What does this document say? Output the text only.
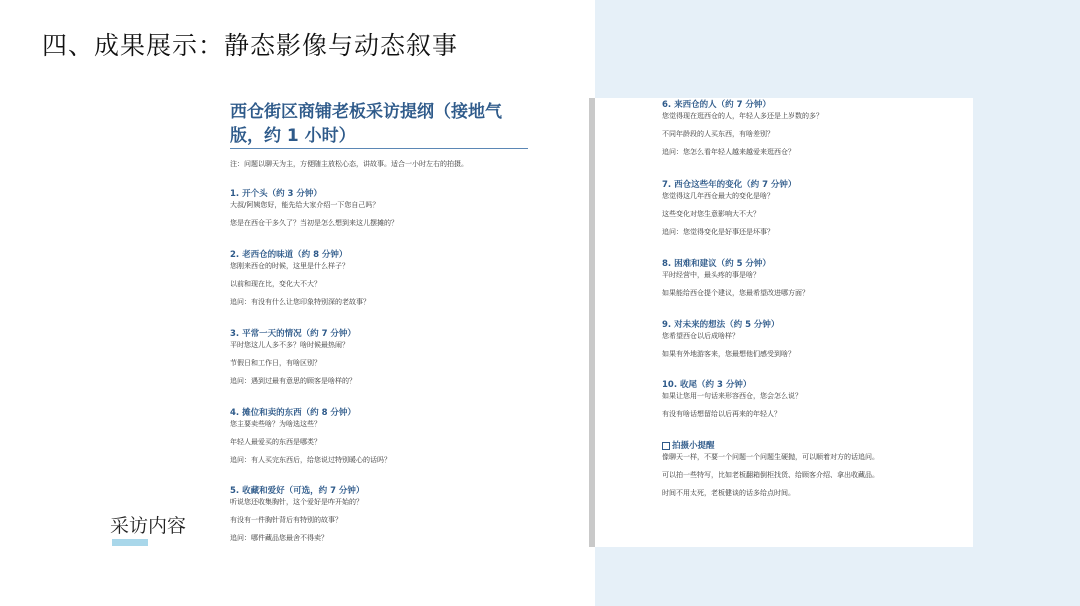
四、成果展示：静态影像与动态叙事
西仓街区商铺老板采访提纲（接地气版，约 1 小时）
注：问题以聊天为主，方便随主放松心态，讲故事。适合一小时左右的拍摄。
1. 开个头（约 3 分钟）
大叔/阿姨您好，能先给大家介绍一下您自己吗？
您是在西仓干多久了？当初是怎么想到来这儿摆摊的？
2. 老西仓的味道（约 8 分钟）
您刚来西仓的时候，这里是什么样子？
以前和现在比，变化大不大？
追问：有没有什么让您印象特别深的老故事？
3. 平常一天的情况（约 7 分钟）
平时您这儿人多不多？啥时候最热闹？
节假日和工作日，有啥区别？
追问：遇到过最有意思的顾客是啥样的？
4. 摊位和卖的东西（约 8 分钟）
您主要卖些啥？为啥选这些？
年轻人最爱买的东西是哪类？
追问：有人买完东西后，给您说过特别暖心的话吗？
5. 收藏和爱好（可选，约 7 分钟）
听说您还收集胸针，这个爱好是咋开始的？
有没有一件胸针背后有特别的故事？
追问：哪件藏品您最舍不得卖？
6. 来西仓的人（约 7 分钟）
您觉得现在逛西仓的人，年轻人多还是上岁数的多？
不同年龄段的人买东西，有啥差别？
追问：您怎么看年轻人越来越爱来逛西仓？
7. 西仓这些年的变化（约 7 分钟）
您觉得这几年西仓最大的变化是啥？
这些变化对您生意影响大不大？
追问：您觉得变化是好事还是坏事？
8. 困难和建议（约 5 分钟）
平时经营中，最头疼的事是啥？
如果能给西仓提个建议，您最希望改进哪方面？
9. 对未来的想法（约 5 分钟）
您希望西仓以后成啥样？
如果有外地游客来，您最想他们感受到啥？
10. 收尾（约 3 分钟）
如果让您用一句话来形容西仓，您会怎么说？
有没有啥话想留给以后再来的年轻人？
拍摄小提醒
像聊天一样，不要一个问题一个问题生硬抛，可以顺着对方的话追问。
可以拍一些特写，比如老板翻箱倒柜找货、给顾客介绍、拿出收藏品。
时间不用太死，老板健谈的话多给点时间。
采访内容
